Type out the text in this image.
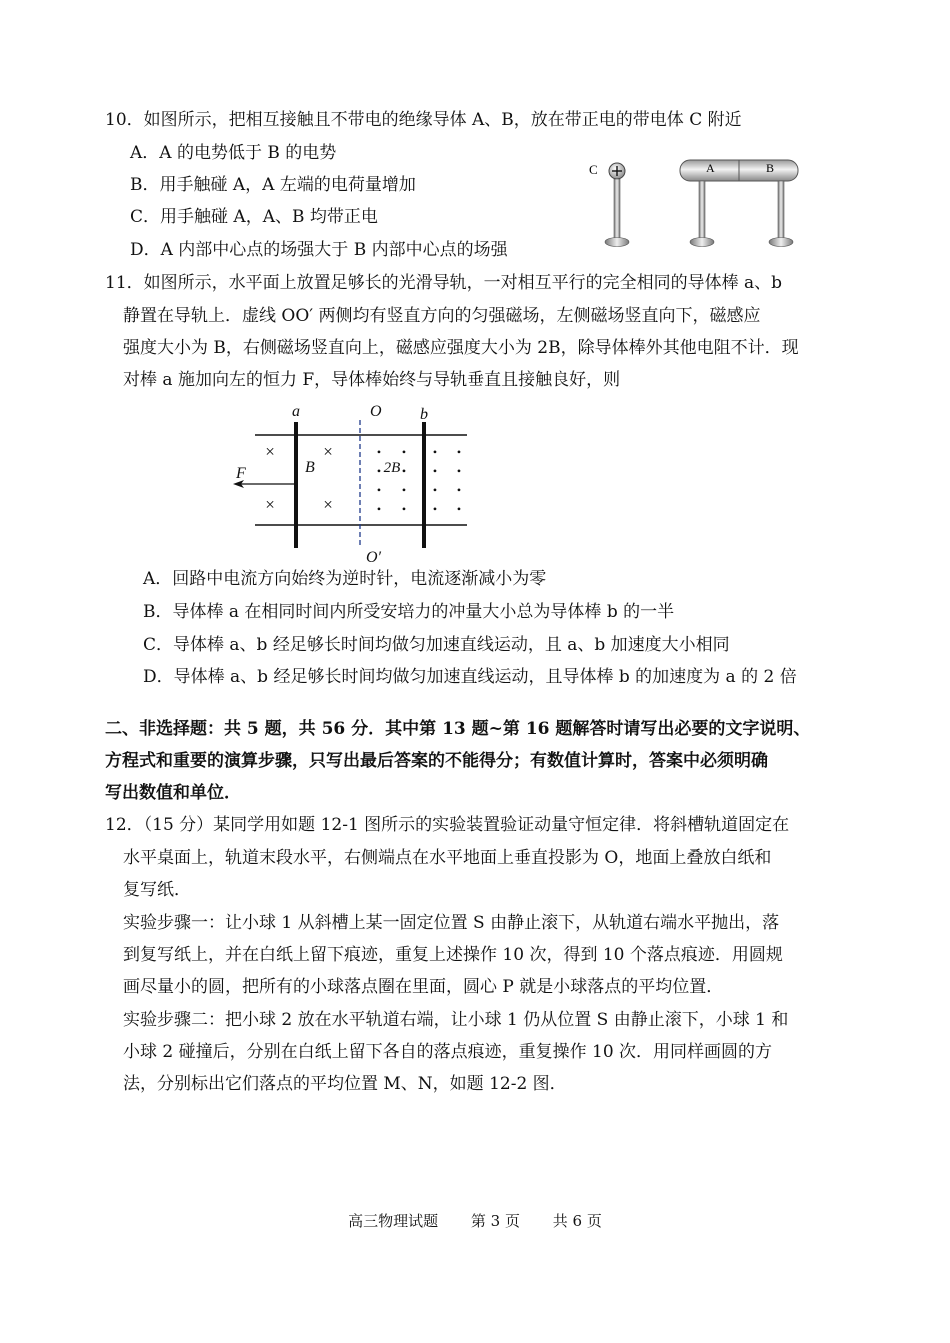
10．如图所示，把相互接触且不带电的绝缘导体 A、B，放在带正电的带电体 C 附近
A．A 的电势低于 B 的电势
B．用手触碰 A，A 左端的电荷量增加
C．用手触碰 A，A、B 均带正电
D．A 内部中心点的场强大于 B 内部中心点的场强
C	A	B
11．如图所示，水平面上放置足够长的光滑导轨，一对相互平行的完全相同的导体棒 a、b
静置在导轨上．虚线 OO′ 两侧均有竖直方向的匀强磁场，左侧磁场竖直向下，磁感应
强度大小为 B，右侧磁场竖直向上，磁感应强度大小为 2B，除导体棒外其他电阻不计．现
对棒 a 施加向左的恒力 F，导体棒始终与导轨垂直且接触良好，则
a	O b
O′
F	B
×	×
×	×
• •
• •
• •
• •
• •
• •
• •
• •
2B
A．回路中电流方向始终为逆时针，电流逐渐减小为零
B．导体棒 a 在相同时间内所受安培力的冲量大小总为导体棒 b 的一半
C．导体棒 a、b 经足够长时间均做匀加速直线运动，且 a、b 加速度大小相同
D．导体棒 a、b 经足够长时间均做匀加速直线运动，且导体棒 b 的加速度为 a 的 2 倍
二、非选择题：共 5 题，共 56 分．其中第 13 题~第 16 题解答时请写出必要的文字说明、
方程式和重要的演算步骤，只写出最后答案的不能得分；有数值计算时，答案中必须明确
写出数值和单位．
12．（15 分）某同学用如题 12-1 图所示的实验装置验证动量守恒定律．将斜槽轨道固定在
水平桌面上，轨道末段水平，右侧端点在水平地面上垂直投影为 O，地面上叠放白纸和
复写纸．
实验步骤一：让小球 1 从斜槽上某一固定位置 S 由静止滚下，从轨道右端水平抛出，落
到复写纸上，并在白纸上留下痕迹，重复上述操作 10 次，得到 10 个落点痕迹．用圆规
画尽量小的圆，把所有的小球落点圈在里面，圆心 P 就是小球落点的平均位置．
实验步骤二：把小球 2 放在水平轨道右端，让小球 1 仍从位置 S 由静止滚下，小球 1 和
小球 2 碰撞后，分别在白纸上留下各自的落点痕迹，重复操作 10 次．用同样画圆的方
法，分别标出它们落点的平均位置 M、N，如题 12-2 图．
高三物理试题 第 3 页 共 6 页
